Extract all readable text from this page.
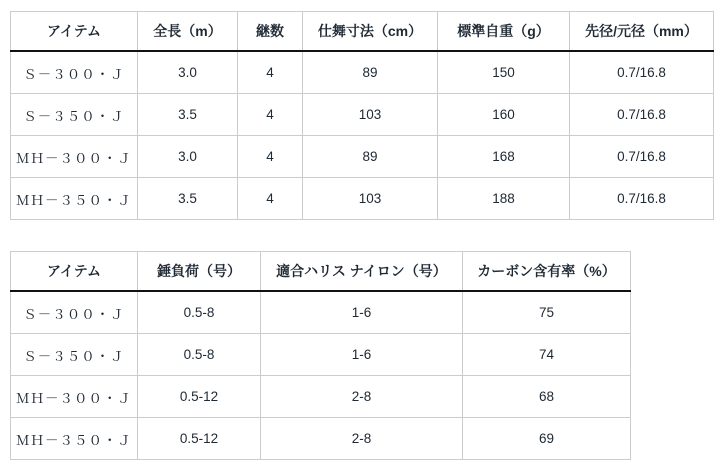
アイテム	全長（m）	継数	仕舞寸法（cm）	標準自重（g）	先径/元径（mm）
Ｓ－３００・Ｊ	3.0	4	89	150	0.7/16.8
Ｓ－３５０・Ｊ	3.5	4	103	160	0.7/16.8
ＭＨ－３００・Ｊ	3.0	4	89	168	0.7/16.8
ＭＨ－３５０・Ｊ	3.5	4	103	188	0.7/16.8
アイテム	錘負荷（号）	適合ハリス ナイロン（号）	カーボン含有率（%）
Ｓ－３００・Ｊ	0.5-8	1-6	75
Ｓ－３５０・Ｊ	0.5-8	1-6	74
ＭＨ－３００・Ｊ	0.5-12	2-8	68
ＭＨ－３５０・Ｊ	0.5-12	2-8	69
